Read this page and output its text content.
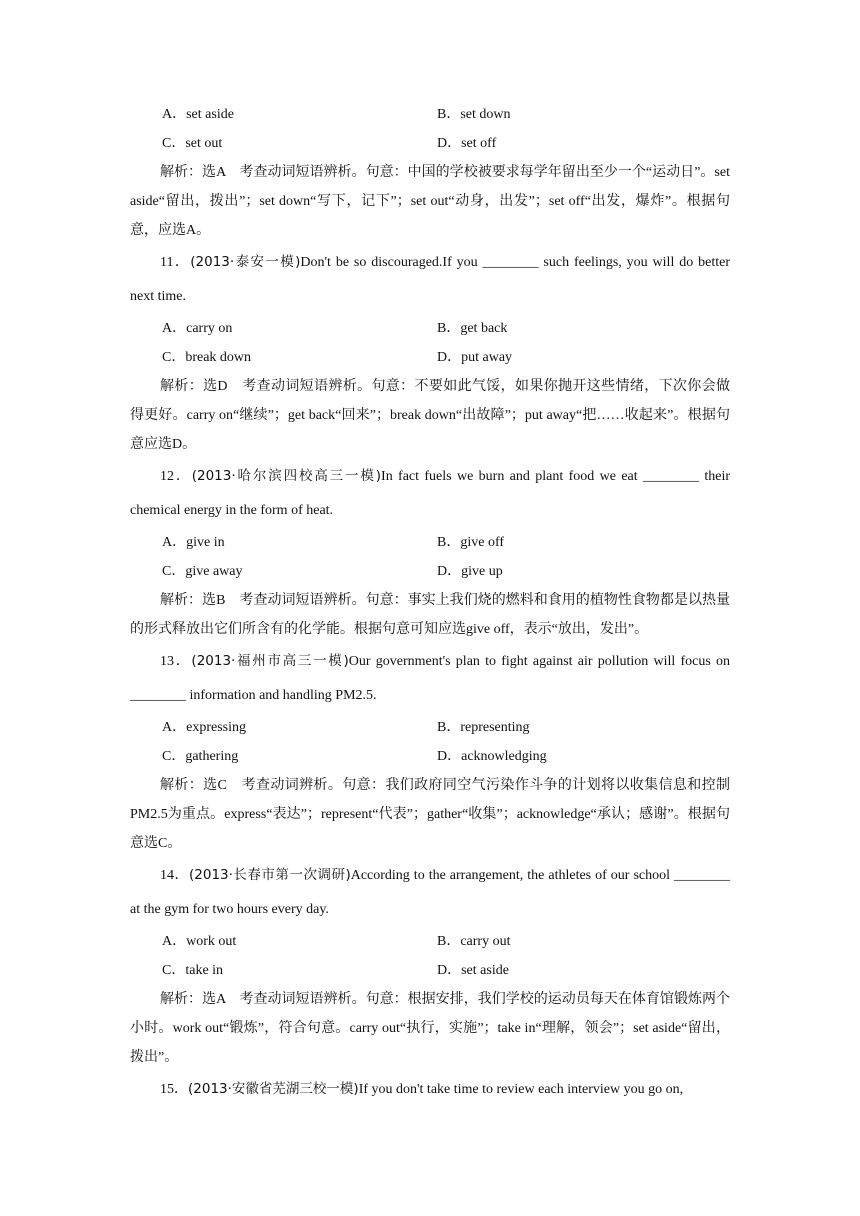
A．set aside	B．set down
C．set out	D．set off

解析：选A　考查动词短语辨析。句意：中国的学校被要求每学年留出至少一个“运动日”。set aside“留出，拨出”；set down“写下，记下”；set out“动身，出发”；set off“出发，爆炸”。根据句意，应选A。

11．(2013·泰安一模)Don't be so discouraged.If you ________ such feelings, you will do better next time.

A．carry on	B．get back
C．break down	D．put away

解析：选D　考查动词短语辨析。句意：不要如此气馁，如果你抛开这些情绪，下次你会做得更好。carry on“继续”；get back“回来”；break down“出故障”；put away“把……收起来”。根据句意应选D。

12．(2013·哈尔滨四校高三一模)In fact fuels we burn and plant food we eat ________ their chemical energy in the form of heat.

A．give in	B．give off
C．give away	D．give up

解析：选B　考查动词短语辨析。句意：事实上我们烧的燃料和食用的植物性食物都是以热量的形式释放出它们所含有的化学能。根据句意可知应选give off，表示“放出，发出”。

13．(2013·福州市高三一模)Our government's plan to fight against air pollution will focus on ________ information and handling PM2.5.

A．expressing	B．representing
C．gathering	D．acknowledging

解析：选C　考查动词辨析。句意：我们政府同空气污染作斗争的计划将以收集信息和控制PM2.5为重点。express“表达”；represent“代表”；gather“收集”；acknowledge“承认；感谢”。根据句意选C。

14．(2013·长春市第一次调研)According to the arrangement, the athletes of our school ________ at the gym for two hours every day.

A．work out	B．carry out
C．take in	D．set aside

解析：选A　考查动词短语辨析。句意：根据安排，我们学校的运动员每天在体育馆锻炼两个小时。work out“锻炼”，符合句意。carry out“执行，实施”；take in“理解，领会”；set aside“留出，拨出”。

15．(2013·安徽省芜湖三校一模)If you don't take time to review each interview you go on,
